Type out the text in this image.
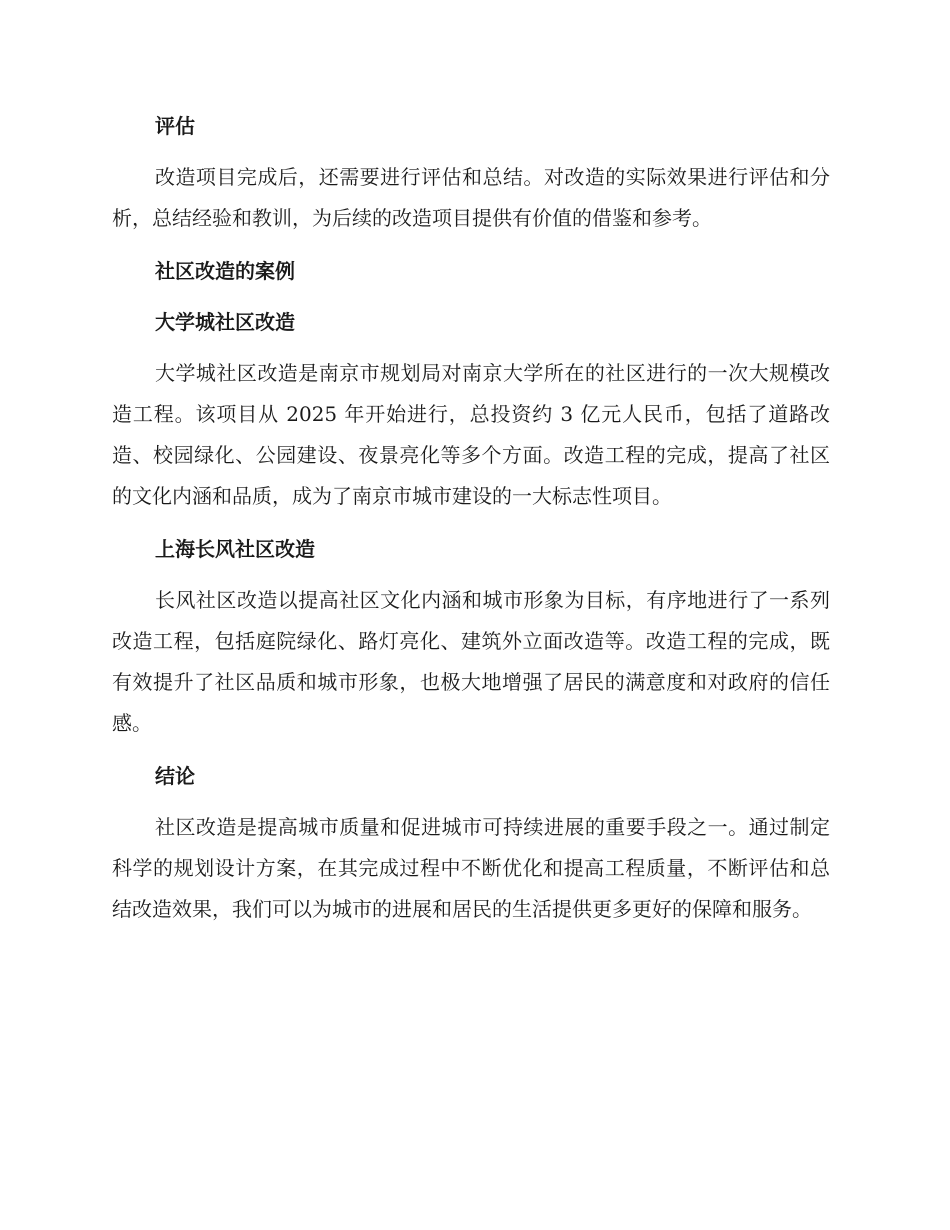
评估

改造项目完成后，还需要进行评估和总结。对改造的实际效果进行评估和分析，总结经验和教训，为后续的改造项目提供有价值的借鉴和参考。

社区改造的案例
大学城社区改造

大学城社区改造是南京市规划局对南京大学所在的社区进行的一次大规模改造工程。该项目从 2025 年开始进行，总投资约 3 亿元人民币，包括了道路改造、校园绿化、公园建设、夜景亮化等多个方面。改造工程的完成，提高了社区的文化内涵和品质，成为了南京市城市建设的一大标志性项目。

上海长风社区改造

长风社区改造以提高社区文化内涵和城市形象为目标，有序地进行了一系列改造工程，包括庭院绿化、路灯亮化、建筑外立面改造等。改造工程的完成，既有效提升了社区品质和城市形象，也极大地增强了居民的满意度和对政府的信任感。

结论

社区改造是提高城市质量和促进城市可持续进展的重要手段之一。通过制定科学的规划设计方案，在其完成过程中不断优化和提高工程质量，不断评估和总结改造效果，我们可以为城市的进展和居民的生活提供更多更好的保障和服务。
